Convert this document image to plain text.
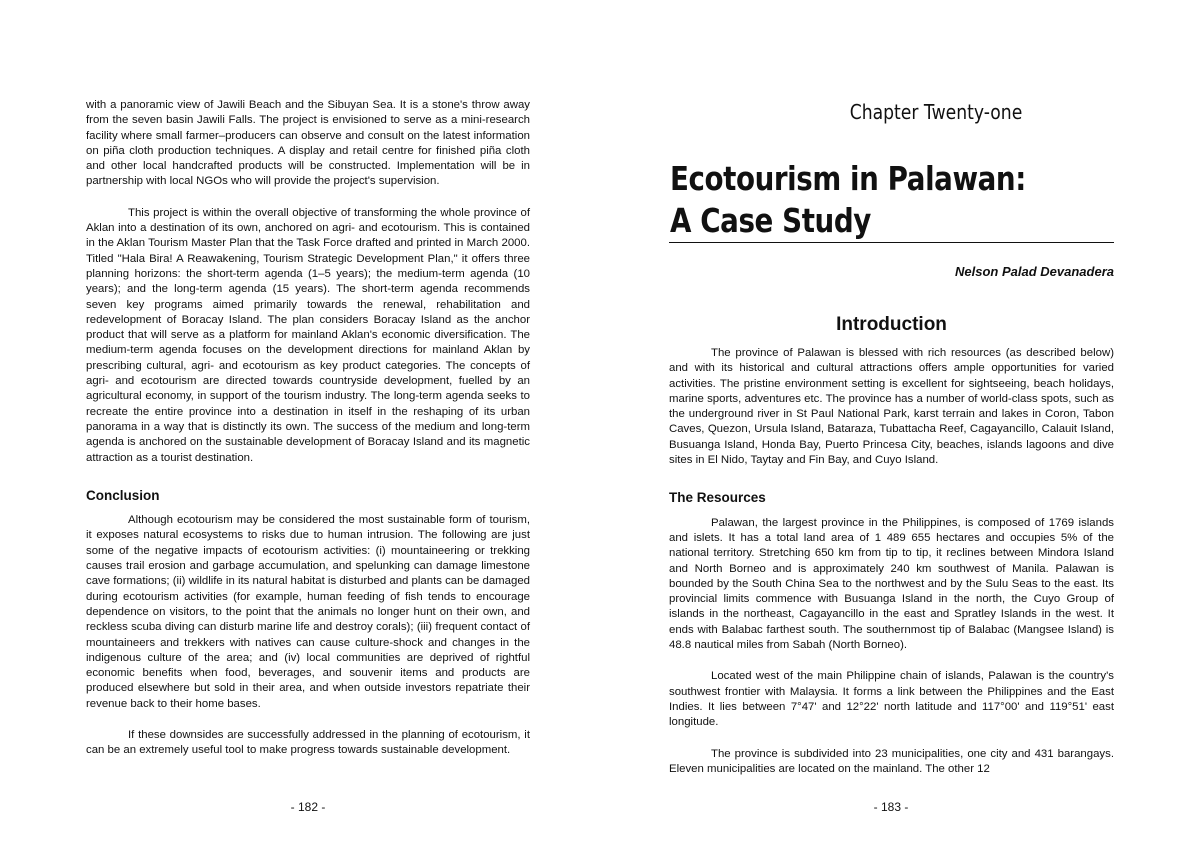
with a panoramic view of Jawili Beach and the Sibuyan Sea. It is a stone's throw away from the seven basin Jawili Falls. The project is envisioned to serve as a mini-research facility where small farmer–producers can observe and consult on the latest information on piña cloth production techniques. A display and retail centre for finished piña cloth and other local handcrafted products will be constructed. Implementation will be in partnership with local NGOs who will provide the project's supervision.

This project is within the overall objective of transforming the whole province of Aklan into a destination of its own, anchored on agri- and ecotourism. This is contained in the Aklan Tourism Master Plan that the Task Force drafted and printed in March 2000. Titled "Hala Bira! A Reawakening, Tourism Strategic Development Plan," it offers three planning horizons: the short-term agenda (1–5 years); the medium-term agenda (10 years); and the long-term agenda (15 years). The short-term agenda recommends seven key programs aimed primarily towards the renewal, rehabilitation and redevelopment of Boracay Island. The plan considers Boracay Island as the anchor product that will serve as a platform for mainland Aklan's economic diversification. The medium-term agenda focuses on the development directions for mainland Aklan by prescribing cultural, agri- and ecotourism as key product categories. The concepts of agri- and ecotourism are directed towards countryside development, fuelled by an agricultural economy, in support of the tourism industry. The long-term agenda seeks to recreate the entire province into a destination in itself in the reshaping of its urban panorama in a way that is distinctly its own. The success of the medium and long-term agenda is anchored on the sustainable development of Boracay Island and its magnetic attraction as a tourist destination.

Conclusion

Although ecotourism may be considered the most sustainable form of tourism, it exposes natural ecosystems to risks due to human intrusion. The following are just some of the negative impacts of ecotourism activities: (i) mountaineering or trekking causes trail erosion and garbage accumulation, and spelunking can damage limestone cave formations; (ii) wildlife in its natural habitat is disturbed and plants can be damaged during ecotourism activities (for example, human feeding of fish tends to encourage dependence on visitors, to the point that the animals no longer hunt on their own, and reckless scuba diving can disturb marine life and destroy corals); (iii) frequent contact of mountaineers and trekkers with natives can cause culture-shock and changes in the indigenous culture of the area; and (iv) local communities are deprived of rightful economic benefits when food, beverages, and souvenir items and products are produced elsewhere but sold in their area, and when outside investors repatriate their revenue back to their home bases.

If these downsides are successfully addressed in the planning of ecotourism, it can be an extremely useful tool to make progress towards sustainable development.

- 182 -
Chapter Twenty-one
Ecotourism in Palawan:
A Case Study
Nelson Palad Devanadera
Introduction

The province of Palawan is blessed with rich resources (as described below) and with its historical and cultural attractions offers ample opportunities for varied activities. The pristine environment setting is excellent for sightseeing, beach holidays, marine sports, adventures etc. The province has a number of world-class spots, such as the underground river in St Paul National Park, karst terrain and lakes in Coron, Tabon Caves, Quezon, Ursula Island, Bataraza, Tubattacha Reef, Cagayancillo, Calauit Island, Busuanga Island, Honda Bay, Puerto Princesa City, beaches, islands lagoons and dive sites in El Nido, Taytay and Fin Bay, and Cuyo Island.

The Resources

Palawan, the largest province in the Philippines, is composed of 1769 islands and islets. It has a total land area of 1 489 655 hectares and occupies 5% of the national territory. Stretching 650 km from tip to tip, it reclines between Mindora Island and North Borneo and is approximately 240 km southwest of Manila. Palawan is bounded by the South China Sea to the northwest and by the Sulu Seas to the east. Its provincial limits commence with Busuanga Island in the north, the Cuyo Group of islands in the northeast, Cagayancillo in the east and Spratley Islands in the west. It ends with Balabac farthest south. The southernmost tip of Balabac (Mangsee Island) is 48.8 nautical miles from Sabah (North Borneo).

Located west of the main Philippine chain of islands, Palawan is the country's southwest frontier with Malaysia. It forms a link between the Philippines and the East Indies. It lies between 7°47' and 12°22' north latitude and 117°00' and 119°51' east longitude.

The province is subdivided into 23 municipalities, one city and 431 barangays. Eleven municipalities are located on the mainland. The other 12

- 183 -
